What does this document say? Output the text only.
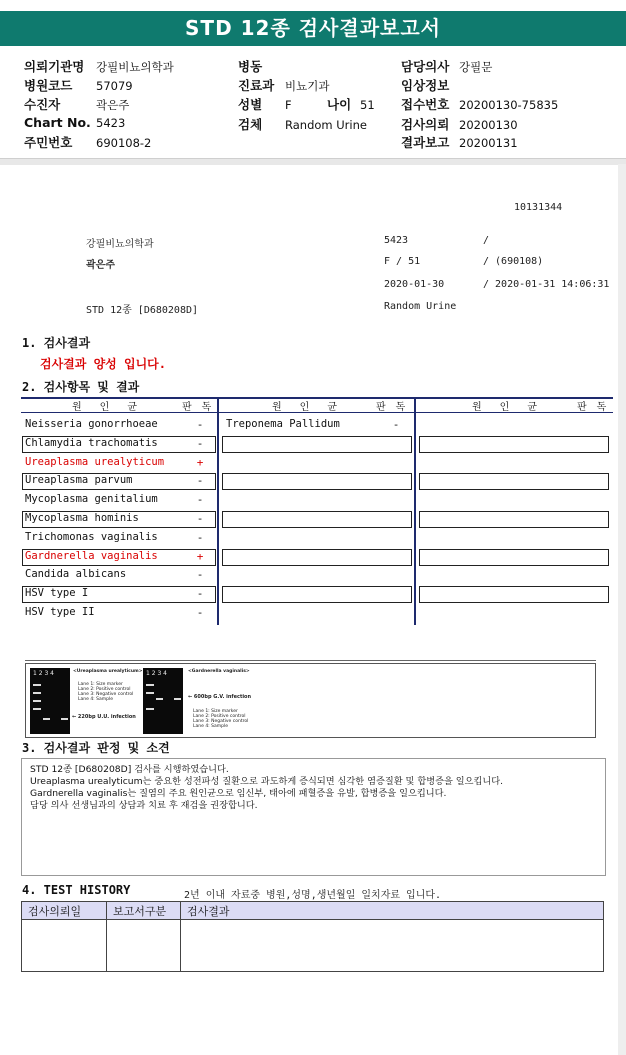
STD 12종 검사결과보고서
의뢰기관명 강필비뇨의학과
병원코드 57079
수진자	곽은주
Chart No. 5423
주민번호 690108-2
병동
진료과 비뇨기과
성별 F	나이 51
검체 Random Urine
담당의사 강필문
임상정보
접수번호 20200130-75835
검사의뢰 20200130
결과보고 20200131
10131344
강필비뇨의학과	5423	/
곽은주	F / 51	/ (690108)
2020-01-30	/ 2020-01-31 14:06:31
STD 12종 [D680208D]	Random Urine
1. 검사결과
검사결과 양성 입니다.
2. 검사항목 및 결과
원 인 균	판 독	원 인 균	판 독	원 인 균	판 독
Neisseria gonorrhoeae	-
Chlamydia trachomatis	-
Ureaplasma urealyticum	+
Ureaplasma parvum	-
Mycoplasma genitalium	-
Mycoplasma hominis	-
Trichomonas vaginalis	-
Gardnerella vaginalis	+
Candida albicans	-
HSV type I	-
HSV type II	-
Treponema Pallidum	-
1 2 3 4	<Ureaplasma urealyticum>
Lane 1: Size marker
Lane 2: Positive control
Lane 3: Negative control
Lane 4: Sample
← 220bp U.U. infection
1 2 3 4	<Gardnerella vaginalis>
← 600bp G.V. infection
Lane 1: Size marker
Lane 2: Positive control
Lane 3: Negative control
Lane 4: Sample
3. 검사결과 판정 및 소견
STD 12종 [D680208D] 검사를 시행하였습니다.
Ureaplasma urealyticum는 중요한 성전파성 질환으로 과도하게 증식되면 심각한 염증질환 및 합병증을 일으킵니다.
Gardnerella vaginalis는 질염의 주요 원인균으로 임신부, 태아에 패혈증을 유발, 합병증을 일으킵니다.
담당 의사 선생님과의 상담과 치료 후 재검을 권장합니다.
4. TEST HISTORY	2년 이내 자료중 병원,성명,생년월일 일치자료 입니다.
검사의뢰일	보고서구분	검사결과
